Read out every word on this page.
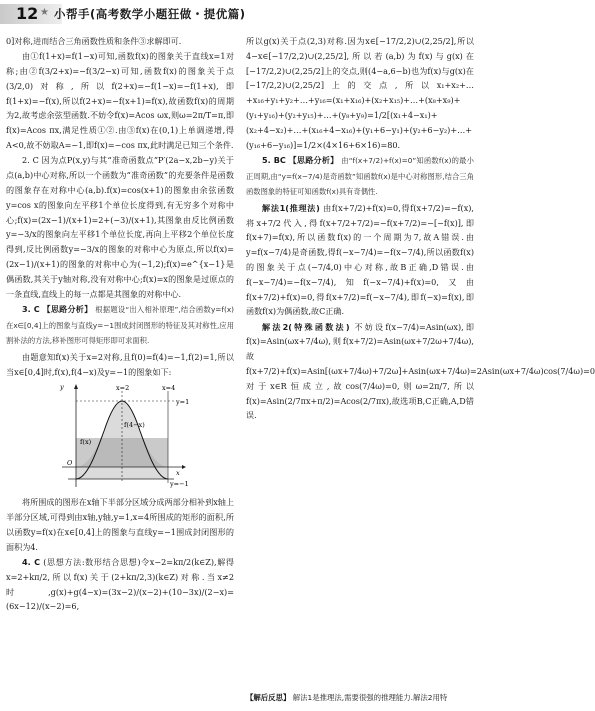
12 ★ 小帮手(高考数学小题狂做・提优篇)

0]对称,进而结合三角函数性质和条件③求解即可.

由①f(1+x)=f(1−x)可知,函数f(x)的图象关于直线x=1对称;由②f(3/2+x)=−f(3/2−x)可知,函数f(x)的图象关于点(3/2,0)对称,所以f(2+x)=−f(1−x)=−f(1+x),即f(1+x)=−f(x),所以f(2+x)=−f(x+1)=f(x),故函数f(x)的周期为2,故考虑余弦型函数.不妨令f(x)=Acos ωx,则ω=2π/T=π,即f(x)=Acos πx,满足性质①②.由③f(x)在(0,1)上单调递增,得A<0,故不妨取A=−1,即f(x)=−cos πx,此时满足已知三个条件.

2. C 因为点P(x,y)与其“准奇函数点”P′(2a−x,2b−y)关于点(a,b)中心对称,所以一个函数为“准奇函数”的充要条件是函数的图象存在对称中心(a,b).f(x)=cos(x+1)的图象由余弦函数y=cos x的图象向左平移1个单位长度得到,有无穷多个对称中心;f(x)=(2x−1)/(x+1)=2+(−3)/(x+1),其图象由反比例函数y=−3/x的图象向左平移1个单位长度,再向上平移2个单位长度得到,反比例函数y=−3/x的图象的对称中心为原点,所以f(x)=(2x−1)/(x+1)的图象的对称中心为(−1,2);f(x)=e^{x−1}是偶函数,其关于y轴对称,没有对称中心;f(x)=x的图象是过原点的一条直线,直线上的每一点都是其图象的对称中心.

3. C 【思路分析】 根据题设“出入相补原理”,结合函数y=f(x)在x∈[0,4]上的图象与直线y=−1围成封闭图形的特征及其对称性,应用割补法的方法,移补图形可得矩形即可求面积.

由题意知f(x)关于x=2对称,且f(0)=f(4)=−1,f(2)=1,所以当x∈[0,4]时,f(x),f(4−x)及y=−1的图象如下:

x=2	x=4
y
y=1
f(x)
f(4−x)
O
x
y=−1

将所围成的图形在x轴下半部分区域分成两部分相补到x轴上半部分区域,可得到由x轴,y轴,y=1,x=4所围成的矩形的面积,所以函数y=f(x)在x∈[0,4]上的图象与直线y=−1围成封闭图形的面积为4.

4. C (思想方法:数形结合思想)令x−2=kπ/2(k∈Z),解得x=2+kπ/2,所以f(x)关于(2+kπ/2,3)(k∈Z)对称.当x≠2时,g(x)+g(4−x)=(3x−2)/(x−2)+(10−3x)/(2−x)=(6x−12)/(x−2)=6,

所以g(x)关于点(2,3)对称.因为x∈[−17/2,2)∪(2,25/2],所以4−x∈[−17/2,2)∪(2,25/2],所以若(a,b)为f(x)与g(x)在[−17/2,2)∪(2,25/2]上的交点,则(4−a,6−b)也为f(x)与g(x)在[−17/2,2)∪(2,25/2]上的交点,所以x₁+x₂+…+x₁₆+y₁+y₂+…+y₁₆=(x₁+x₁₆)+(x₂+x₁₅)+…+(x₈+x₉)+(y₁+y₁₆)+(y₂+y₁₅)+…+(y₈+y₉)=1/2[(x₁+4−x₁)+(x₂+4−x₂)+…+(x₁₆+4−x₁₆)+(y₁+6−y₁)+(y₂+6−y₂)+…+(y₁₆+6−y₁₆)]=1/2×(4×16+6×16)=80.

5. BC 【思路分析】 由“f(x+7/2)+f(x)=0”知函数f(x)的最小正周期,由“y=f(x−7/4)是奇函数”知函数f(x)是中心对称图形,结合三角函数图象的特征可知函数f(x)具有奇偶性.

解法1(推理法) 由f(x+7/2)+f(x)=0,得f(x+7/2)=−f(x),将x+7/2代入,得f(x+7/2+7/2)=−f(x+7/2)=−[−f(x)],即f(x+7)=f(x),所以函数f(x)的一个周期为7,故A错误.由y=f(x−7/4)是奇函数,得f(−x−7/4)=−f(x−7/4),所以函数f(x)的图象关于点(−7/4,0)中心对称,故B正确,D错误.由f(−x−7/4)=−f(x−7/4),知f(−x−7/4)+f(x)=0,又由f(x+7/2)+f(x)=0,得f(x+7/2)=f(−x−7/4),即f(−x)=f(x),即函数f(x)为偶函数,故C正确.

解法2(特殊函数法) 不妨设f(x−7/4)=Asin(ωx),即f(x)=Asin(ωx+7/4ω),则f(x+7/2)=Asin(ωx+7/2ω+7/4ω),故f(x+7/2)+f(x)=Asin[(ωx+7/4ω)+7/2ω]+Asin(ωx+7/4ω)=2Asin(ωx+7/4ω)cos(7/4ω)=0对于x∈R恒成立,故cos(7/4ω)=0,则ω=2π/7,所以f(x)=Asin(2/7πx+π/2)=Acos(2/7πx),故选项B,C正确,A,D错误.

【解后反思】 解法1是推理法,需要很强的推理能力.解法2用特
